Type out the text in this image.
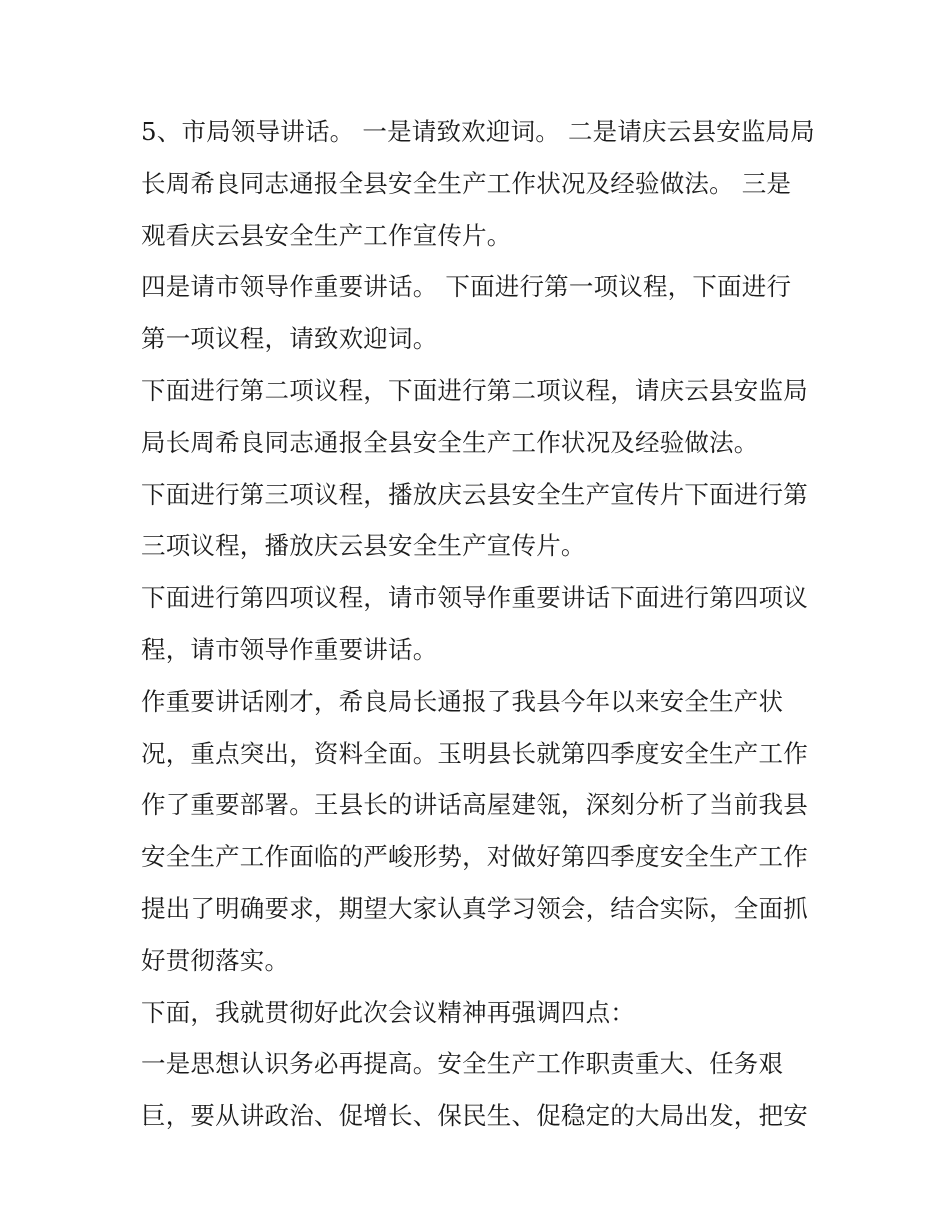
5、市局领导讲话。 一是请致欢迎词。 二是请庆云县安监局局
长周希良同志通报全县安全生产工作状况及经验做法。 三是
观看庆云县安全生产工作宣传片。
四是请市领导作重要讲话。 下面进行第一项议程，下面进行
第一项议程，请致欢迎词。
下面进行第二项议程，下面进行第二项议程，请庆云县安监局
局长周希良同志通报全县安全生产工作状况及经验做法。
下面进行第三项议程，播放庆云县安全生产宣传片下面进行第
三项议程，播放庆云县安全生产宣传片。
下面进行第四项议程，请市领导作重要讲话下面进行第四项议
程，请市领导作重要讲话。
作重要讲话刚才，希良局长通报了我县今年以来安全生产状
况，重点突出，资料全面。玉明县长就第四季度安全生产工作
作了重要部署。王县长的讲话高屋建瓴，深刻分析了当前我县
安全生产工作面临的严峻形势，对做好第四季度安全生产工作
提出了明确要求，期望大家认真学习领会，结合实际，全面抓
好贯彻落实。
下面，我就贯彻好此次会议精神再强调四点：
一是思想认识务必再提高。安全生产工作职责重大、任务艰
巨，要从讲政治、促增长、保民生、促稳定的大局出发，把安
